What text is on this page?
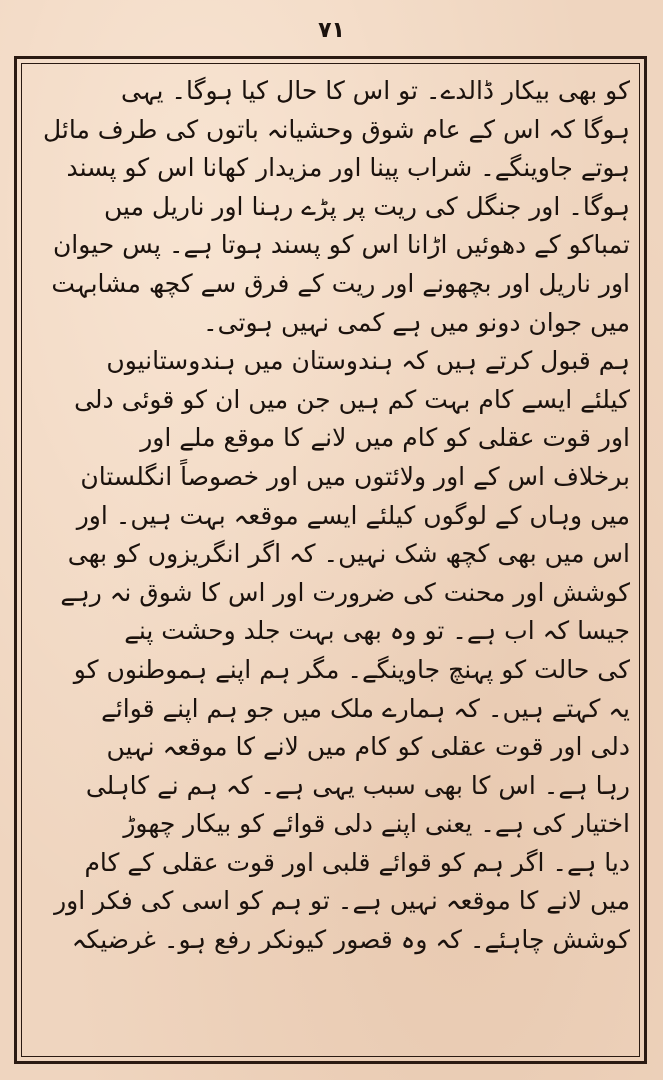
۷۱
کو بھی بیکار ڈالدے۔ تو اس کا حال کیا ہوگا۔ یہی
ہوگا کہ اس کے عام شوق وحشیانہ باتوں کی طرف مائل
ہوتے جاوینگے۔ شراب پینا اور مزیدار کھانا اس کو پسند
ہوگا۔ اور جنگل کی ریت پر پڑے رہنا اور ناریل میں
تمباکو کے دھوئیں اڑانا اس کو پسند ہوتا ہے۔ پس حیوان
اور ناریل اور بچھونے اور ریت کے فرق سے کچھ مشابہت
میں جوان دونو میں ہے کمی نہیں ہوتی۔
ہم قبول کرتے ہیں کہ ہندوستان میں ہندوستانیوں
کیلئے ایسے کام بہت کم ہیں جن میں ان کو قوئی دلی
اور قوت عقلی کو کام میں لانے کا موقع ملے اور
برخلاف اس کے اور ولائتوں میں اور خصوصاً انگلستان
میں وہاں کے لوگوں کیلئے ایسے موقعہ بہت ہیں۔ اور
اس میں بھی کچھ شک نہیں۔ کہ اگر انگریزوں کو بھی
کوشش اور محنت کی ضرورت اور اس کا شوق نہ رہے
جیسا کہ اب ہے۔ تو وہ بھی بہت جلد وحشت پنے
کی حالت کو پہنچ جاوینگے۔ مگر ہم اپنے ہموطنوں کو
یہ کہتے ہیں۔ کہ ہمارے ملک میں جو ہم اپنے قوائے
دلی اور قوت عقلی کو کام میں لانے کا موقعہ نہیں
رہا ہے۔ اس کا بھی سبب یہی ہے۔ کہ ہم نے کاہلی
اختیار کی ہے۔ یعنی اپنے دلی قوائے کو بیکار چھوڑ
دیا ہے۔ اگر ہم کو قوائے قلبی اور قوت عقلی کے کام
میں لانے کا موقعہ نہیں ہے۔ تو ہم کو اسی کی فکر اور
کوشش چاہئے۔ کہ وہ قصور کیونکر رفع ہو۔ غرضیکہ
